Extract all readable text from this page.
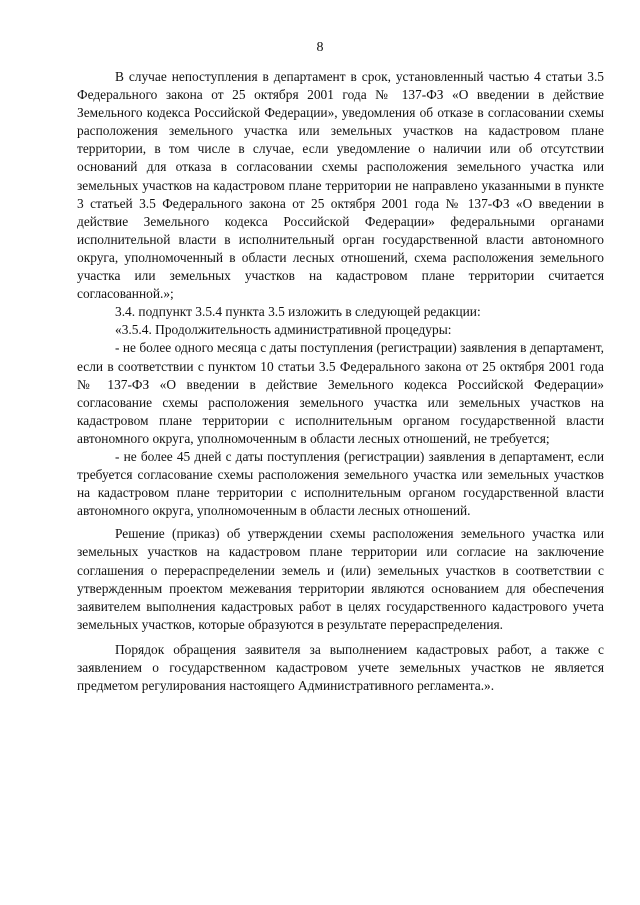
8

В случае непоступления в департамент в срок, установленный частью 4 статьи 3.5 Федерального закона от 25 октября 2001 года № 137-ФЗ «О введении в действие Земельного кодекса Российской Федерации», уведомления об отказе в согласовании схемы расположения земельного участка или земельных участков на кадастровом плане территории, в том числе в случае, если уведомление о наличии или об отсутствии оснований для отказа в согласовании схемы расположения земельного участка или земельных участков на кадастровом плане территории не направлено указанными в пункте 3 статьей 3.5 Федерального закона от 25 октября 2001 года № 137-ФЗ «О введении в действие Земельного кодекса Российской Федерации» федеральными органами исполнительной власти в исполнительный орган государственной власти автономного округа, уполномоченный в области лесных отношений, схема расположения земельного участка или земельных участков на кадастровом плане территории считается согласованной.»;

3.4. подпункт 3.5.4 пункта 3.5 изложить в следующей редакции:

«3.5.4. Продолжительность административной процедуры:

- не более одного месяца с даты поступления (регистрации) заявления в департамент, если в соответствии с пунктом 10 статьи 3.5 Федерального закона от 25 октября 2001 года № 137-ФЗ «О введении в действие Земельного кодекса Российской Федерации» согласование схемы расположения земельного участка или земельных участков на кадастровом плане территории с исполнительным органом государственной власти автономного округа, уполномоченным в области лесных отношений, не требуется;

- не более 45 дней с даты поступления (регистрации) заявления в департамент, если требуется согласование схемы расположения земельного участка или земельных участков на кадастровом плане территории с исполнительным органом государственной власти автономного округа, уполномоченным в области лесных отношений.

Решение (приказ) об утверждении схемы расположения земельного участка или земельных участков на кадастровом плане территории или согласие на заключение соглашения о перераспределении земель и (или) земельных участков в соответствии с утвержденным проектом межевания территории являются основанием для обеспечения заявителем выполнения кадастровых работ в целях государственного кадастрового учета земельных участков, которые образуются в результате перераспределения.

Порядок обращения заявителя за выполнением кадастровых работ, а также с заявлением о государственном кадастровом учете земельных участков не является предметом регулирования настоящего Административного регламента.».
